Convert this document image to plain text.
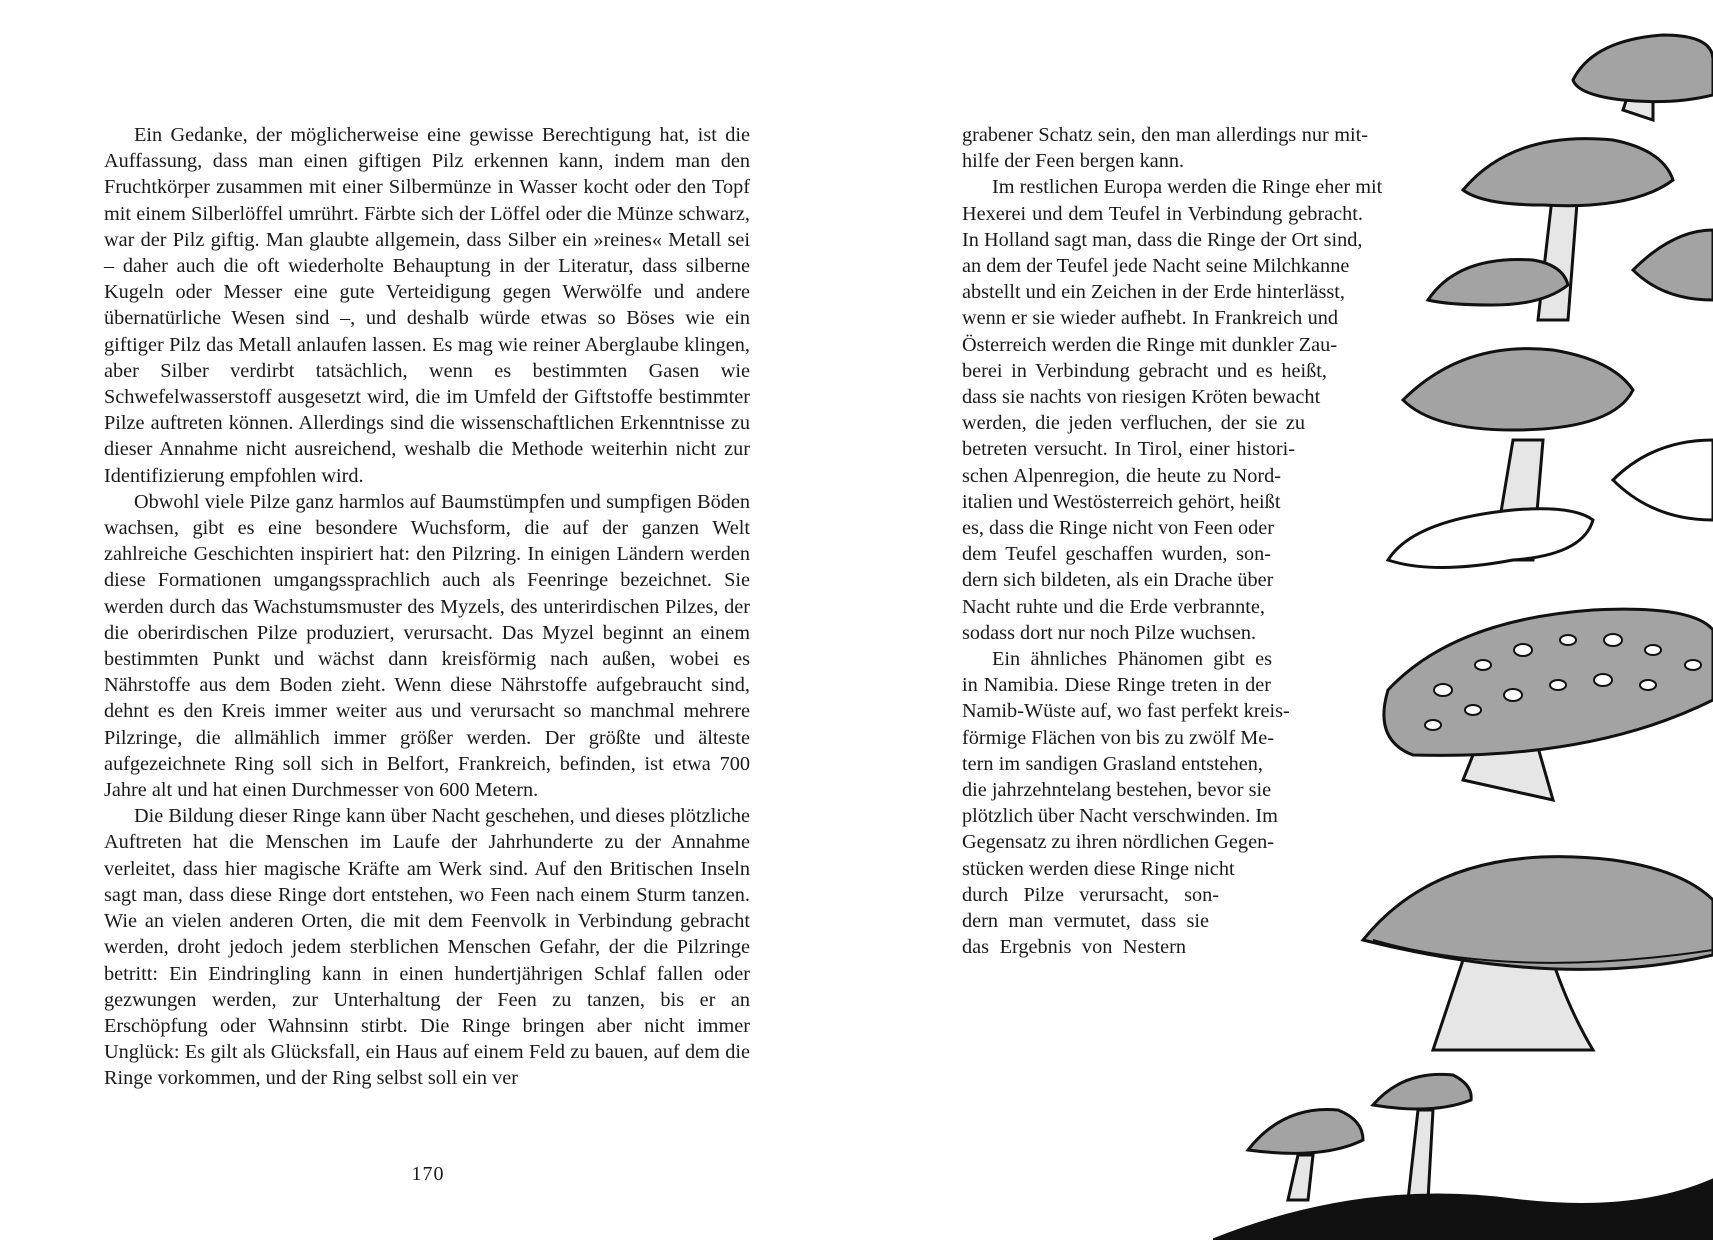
Ein Gedanke, der möglicherweise eine gewisse Berechtigung hat, ist die Auffassung, dass man einen giftigen Pilz erkennen kann, indem man den Fruchtkörper zusammen mit einer Silbermünze in Wasser kocht oder den Topf mit einem Silberlöffel umrührt. Färbte sich der Löffel oder die Münze schwarz, war der Pilz giftig. Man glaubte allgemein, dass Silber ein »reines« Metall sei – daher auch die oft wiederholte Behauptung in der Literatur, dass silberne Kugeln oder Messer eine gute Verteidigung gegen Werwölfe und andere übernatürliche Wesen sind –, und deshalb würde etwas so Böses wie ein giftiger Pilz das Metall anlaufen lassen. Es mag wie reiner Aberglaube klingen, aber Silber verdirbt tatsächlich, wenn es bestimmten Gasen wie Schwefelwasserstoff ausgesetzt wird, die im Umfeld der Giftstoffe bestimmter Pilze auftreten können. Allerdings sind die wissenschaftlichen Erkenntnisse zu dieser Annahme nicht ausreichend, weshalb die Methode weiterhin nicht zur Identifizierung empfohlen wird.

Obwohl viele Pilze ganz harmlos auf Baumstümpfen und sumpfigen Böden wachsen, gibt es eine besondere Wuchsform, die auf der ganzen Welt zahlreiche Geschichten inspiriert hat: den Pilzring. In einigen Ländern werden diese Formationen umgangssprachlich auch als Feenringe bezeichnet. Sie werden durch das Wachstumsmuster des Myzels, des unterirdischen Pilzes, der die oberirdischen Pilze produziert, verursacht. Das Myzel beginnt an einem bestimmten Punkt und wächst dann kreisförmig nach außen, wobei es Nährstoffe aus dem Boden zieht. Wenn diese Nährstoffe aufgebraucht sind, dehnt es den Kreis immer weiter aus und verursacht so manchmal mehrere Pilzringe, die allmählich immer größer werden. Der größte und älteste aufgezeichnete Ring soll sich in Belfort, Frankreich, befinden, ist etwa 700 Jahre alt und hat einen Durchmesser von 600 Metern.

Die Bildung dieser Ringe kann über Nacht geschehen, und dieses plötzliche Auftreten hat die Menschen im Laufe der Jahrhunderte zu der Annahme verleitet, dass hier magische Kräfte am Werk sind. Auf den Britischen Inseln sagt man, dass diese Ringe dort entstehen, wo Feen nach einem Sturm tanzen. Wie an vielen anderen Orten, die mit dem Feenvolk in Verbindung gebracht werden, droht jedoch jedem sterblichen Menschen Gefahr, der die Pilzringe betritt: Ein Eindringling kann in einen hundertjährigen Schlaf fallen oder gezwungen werden, zur Unterhaltung der Feen zu tanzen, bis er an Erschöpfung oder Wahnsinn stirbt. Die Ringe bringen aber nicht immer Unglück: Es gilt als Glücksfall, ein Haus auf einem Feld zu bauen, auf dem die Ringe vorkommen, und der Ring selbst soll ein ver

170
grabener Schatz sein, den man allerdings nur mit-
hilfe der Feen bergen kann.
Im restlichen Europa werden die Ringe eher mit
Hexerei und dem Teufel in Verbindung gebracht.
In Holland sagt man, dass die Ringe der Ort sind,
an dem der Teufel jede Nacht seine Milchkanne
abstellt und ein Zeichen in der Erde hinterlässt,
wenn er sie wieder aufhebt. In Frankreich und
Österreich werden die Ringe mit dunkler Zau-
berei in Verbindung gebracht und es heißt,
dass sie nachts von riesigen Kröten bewacht
werden, die jeden verfluchen, der sie zu
betreten versucht. In Tirol, einer histori-
schen Alpenregion, die heute zu Nord-
italien und Westösterreich gehört, heißt
es, dass die Ringe nicht von Feen oder
dem Teufel geschaffen wurden, son-
dern sich bildeten, als ein Drache über
Nacht ruhte und die Erde verbrannte,
sodass dort nur noch Pilze wuchsen.
Ein ähnliches Phänomen gibt es
in Namibia. Diese Ringe treten in der
Namib-Wüste auf, wo fast perfekt kreis-
förmige Flächen von bis zu zwölf Me-
tern im sandigen Grasland entstehen,
die jahrzehntelang bestehen, bevor sie
plötzlich über Nacht verschwinden. Im
Gegensatz zu ihren nördlichen Gegen-
stücken werden diese Ringe nicht
durch Pilze verursacht, son-
dern man vermutet, dass sie
das Ergebnis von Nestern
